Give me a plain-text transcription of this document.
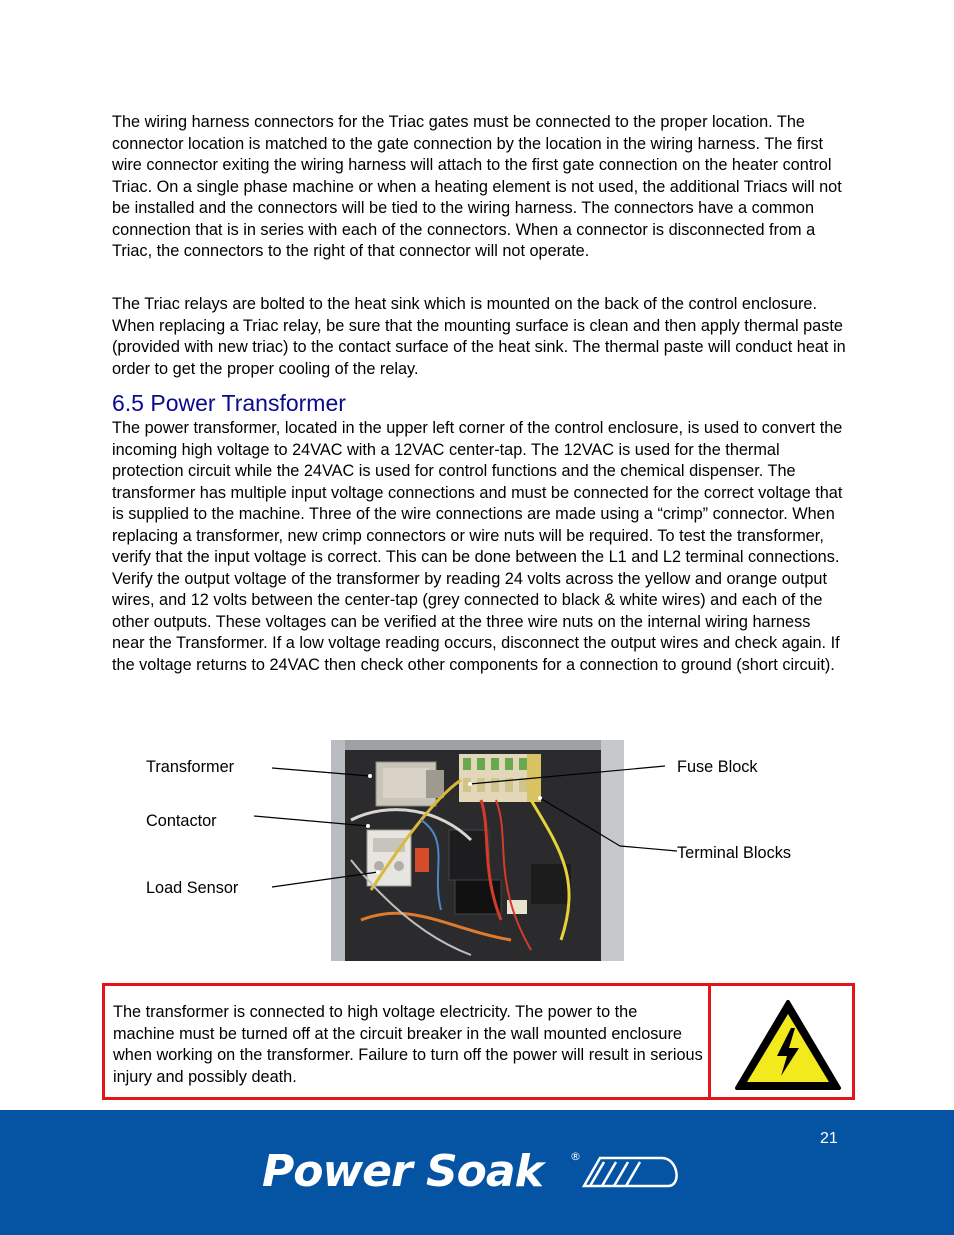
The wiring harness connectors for the Triac gates must be connected to the proper location. The connector location is matched to the gate connection by the location in the wiring harness. The first wire connector exiting the wiring harness will attach to the first gate connection on the heater control Triac. On a single phase machine or when a heating element is not used, the additional Triacs will not be installed and the connectors will be tied to the wiring harness. The connectors have a common connection that is in series with each of the connectors. When a connector is disconnected from a Triac, the connectors to the right of that connector will not operate.

The Triac relays are bolted to the heat sink which is mounted on the back of the control enclosure. When replacing a Triac relay, be sure that the mounting surface is clean and then apply thermal paste (provided with new triac) to the contact surface of the heat sink. The thermal paste will conduct heat in order to get the proper cooling of the relay.

6.5 Power Transformer

The power transformer, located in the upper left corner of the control enclosure, is used to convert the incoming high voltage to 24VAC with a 12VAC center-tap. The 12VAC is used for the thermal protection circuit while the 24VAC is used for control functions and the chemical dispenser. The transformer has multiple input voltage connections and must be connected for the correct voltage that is supplied to the machine. Three of the wire connections are made using a “crimp” connector. When replacing a transformer, new crimp connectors or wire nuts will be required. To test the transformer, verify that the input voltage is correct. This can be done between the L1 and L2 terminal connections. Verify the output voltage of the transformer by reading 24 volts across the yellow and orange output wires, and 12 volts between the center-tap (grey connected to black & white wires) and each of the other outputs. These voltages can be verified at the three wire nuts on the internal wiring harness near the Transformer. If a low voltage reading occurs, disconnect the output wires and check again. If the voltage returns to 24VAC then check other components for a connection to ground (short circuit).

Transformer
Contactor
Load Sensor
Fuse Block
Terminal Blocks

The transformer is connected to high voltage electricity. The power to the machine must be turned off at the circuit breaker in the wall mounted enclosure when working on the transformer. Failure to turn off the power will result in serious injury and possibly death.

21
Power Soak	®
